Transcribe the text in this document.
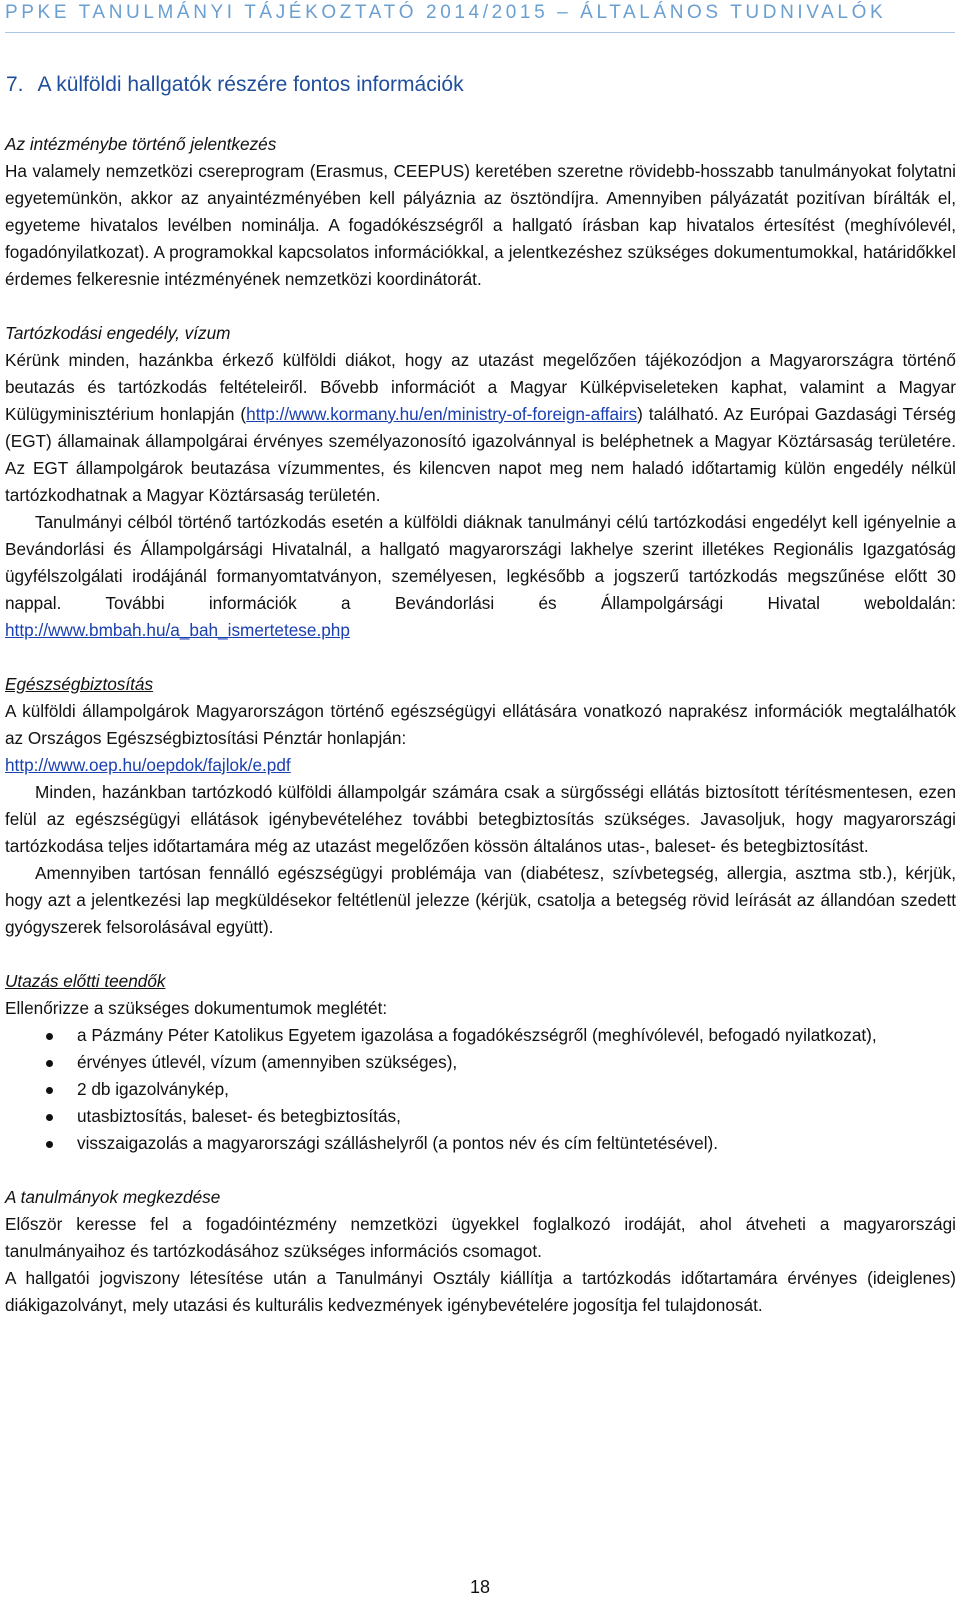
PPKE TANULMÁNYI TÁJÉKOZTATÓ 2014/2015 – ÁLTALÁNOS TUDNIVALÓK
7. A külföldi hallgatók részére fontos információk

Az intézménybe történő jelentkezés

Ha valamely nemzetközi csereprogram (Erasmus, CEEPUS) keretében szeretne rövidebb-hosszabb tanulmányokat folytatni egyetemünkön, akkor az anyaintézményében kell pályáznia az ösztöndíjra. Amennyiben pályázatát pozitívan bírálták el, egyeteme hivatalos levélben nominálja. A fogadókészségről a hallgató írásban kap hivatalos értesítést (meghívólevél, fogadónyilatkozat). A programokkal kapcsolatos információkkal, a jelentkezéshez szükséges dokumentumokkal, határidőkkel érdemes felkeresnie intézményének nemzetközi koordinátorát.

Tartózkodási engedély, vízum

Kérünk minden, hazánkba érkező külföldi diákot, hogy az utazást megelőzően tájékozódjon a Magyarországra történő beutazás és tartózkodás feltételeiről. Bővebb információt a Magyar Külképviseleteken kaphat, valamint a Magyar Külügyminisztérium honlapján (http://www.kormany.hu/en/ministry-of-foreign-affairs) található. Az Európai Gazdasági Térség (EGT) államainak állampolgárai érvényes személyazonosító igazolvánnyal is beléphetnek a Magyar Köztársaság területére. Az EGT állampolgárok beutazása vízummentes, és kilencven napot meg nem haladó időtartamig külön engedély nélkül tartózkodhatnak a Magyar Köztársaság területén.

Tanulmányi célból történő tartózkodás esetén a külföldi diáknak tanulmányi célú tartózkodási engedélyt kell igényelnie a Bevándorlási és Állampolgársági Hivatalnál, a hallgató magyarországi lakhelye szerint illetékes Regionális Igazgatóság ügyfélszolgálati irodájánál formanyomtatványon, személyesen, legkésőbb a jogszerű tartózkodás megszűnése előtt 30 nappal. További információk a Bevándorlási és Állampolgársági Hivatal weboldalán: http://www.bmbah.hu/a_bah_ismertetese.php

Egészségbiztosítás

A külföldi állampolgárok Magyarországon történő egészségügyi ellátására vonatkozó naprakész információk megtalálhatók az Országos Egészségbiztosítási Pénztár honlapján:

http://www.oep.hu/oepdok/fajlok/e.pdf

Minden, hazánkban tartózkodó külföldi állampolgár számára csak a sürgősségi ellátás biztosított térítésmentesen, ezen felül az egészségügyi ellátások igénybevételéhez további betegbiztosítás szükséges. Javasoljuk, hogy magyarországi tartózkodása teljes időtartamára még az utazást megelőzően kössön általános utas-, baleset- és betegbiztosítást.

Amennyiben tartósan fennálló egészségügyi problémája van (diabétesz, szívbetegség, allergia, asztma stb.), kérjük, hogy azt a jelentkezési lap megküldésekor feltétlenül jelezze (kérjük, csatolja a betegség rövid leírását az állandóan szedett gyógyszerek felsorolásával együtt).

Utazás előtti teendők

Ellenőrizze a szükséges dokumentumok meglétét:

a Pázmány Péter Katolikus Egyetem igazolása a fogadókészségről (meghívólevél, befogadó nyilatkozat),
érvényes útlevél, vízum (amennyiben szükséges),
2 db igazolványkép,
utasbiztosítás, baleset- és betegbiztosítás,
visszaigazolás a magyarországi szálláshelyről (a pontos név és cím feltüntetésével).

A tanulmányok megkezdése

Először keresse fel a fogadóintézmény nemzetközi ügyekkel foglalkozó irodáját, ahol átveheti a magyarországi tanulmányaihoz és tartózkodásához szükséges információs csomagot.

A hallgatói jogviszony létesítése után a Tanulmányi Osztály kiállítja a tartózkodás időtartamára érvényes (ideiglenes) diákigazolványt, mely utazási és kulturális kedvezmények igénybevételére jogosítja fel tulajdonosát.

18
